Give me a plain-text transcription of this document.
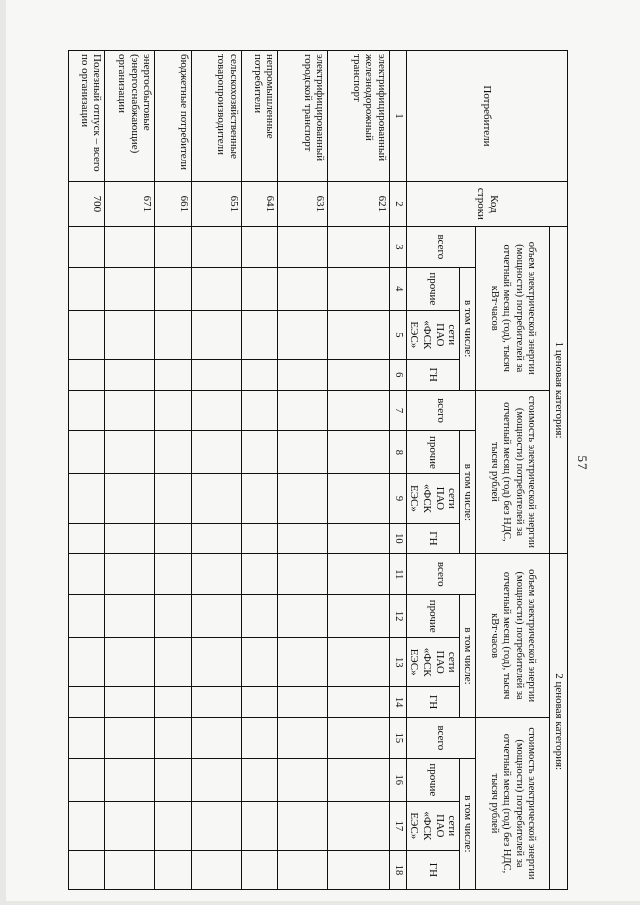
57
Потребители	Код строки	1 ценовая категория:								2 ценовая категория:							
		объем электрической энергии (мощности) потребителей за отчетный месяц (год), тысяч кВт·часов				стоимость электрической энергии (мощности) потребителей за отчетный месяц (год) без НДС, тысяч рублей				объем электрической энергии (мощности) потребителей за отчетный месяц (год), тысяч кВт·часов				стоимость электрической энергии (мощности) потребителей за отчетный месяц (год) без НДС, тысяч рублей			
		всего	в том числе:			всего	в том числе:			всего	в том числе:			всего	в том числе:		
			прочие	сети ПАО «ФСК ЕЭС»	ГН		прочие	сети ПАО «ФСК ЕЭС»	ГН		прочие	сети ПАО «ФСК ЕЭС»	ГН		прочие	сети ПАО «ФСК ЕЭС»	ГН
1	2	3	4	5	6	7	8	9	10	11	12	13	14	15	16	17	18
электрифицированный железнодорожный транспорт	621																
электрифицированный городской транспорт	631																
непромышленные потребители	641																
сельскохозяйственные товаропроизводители	651																
бюджетные потребители	661																
энергосбытовые (энергоснабжающие) организации	671																
Полезный отпуск – всего по организации	700																
